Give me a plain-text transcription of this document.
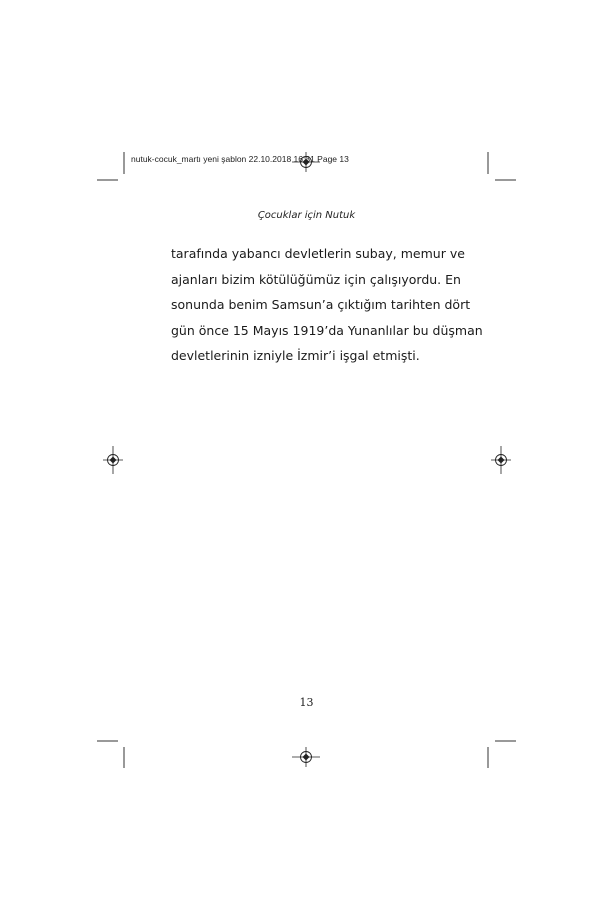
nutuk-cocuk_martı yeni şablon 22.10.2018 16:31 Page 13
Çocuklar için Nutuk
tarafında yabancı devletlerin subay, memur ve
ajanları bizim kötülüğümüz için çalışıyordu. En
sonunda benim Samsun’a çıktığım tarihten dört
gün önce 15 Mayıs 1919’da Yunanlılar bu düşman
devletlerinin izniyle İzmir’i işgal etmişti.
13
